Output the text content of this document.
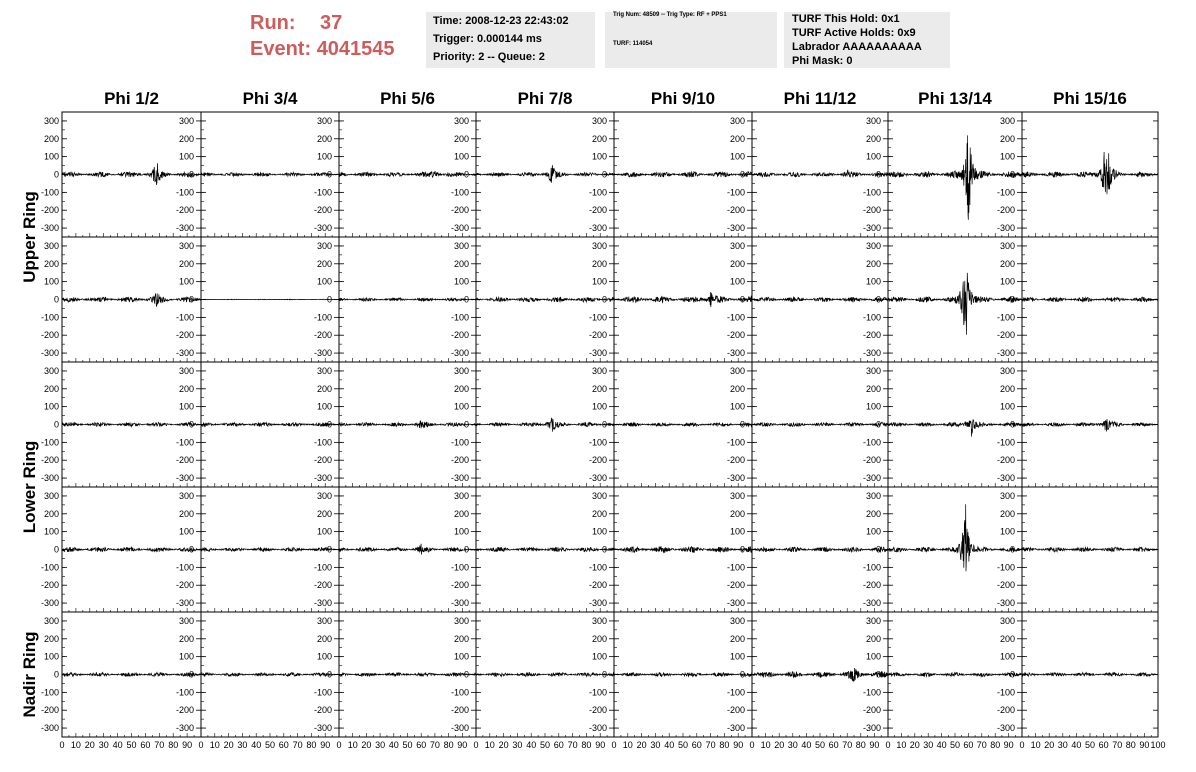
Run: 37
Event: 4041545
Time: 2008-12-23 22:43:02
Trigger: 0.000144 ms
Priority: 2 -- Queue: 2
Trig Num: 48509 -- Trig Type: RF + PPS1
TURF: 114054
TURF This Hold: 0x1
TURF Active Holds: 0x9
Labrador AAAAAAAAAA
Phi Mask: 0
Phi 1/2	Phi 3/4	Phi 5/6	Phi 7/8	Phi 9/10	Phi 11/12	Phi 13/14	Phi 15/16
Upper Ring
Lower Ring
Nadir Ring
300	300
200	200
100	100
0	0
-100	-100
-200	-200
-300	-300
300
200
100
0
-100
-200
-300
300
200
100
0
-100
-200
-300
300
200
100
0
-100
-200
-300
300
200
100
0
-100
-200
-300
300
200
100
0
-100
-200
-300
300
200
100
0
-100
-200
-300
300	300
200	200
100	100
0	0
-100	-100
-200	-200
-300	-300
300
200
100
0
-100
-200
-300
300
200
100
0
-100
-200
-300
300
200
100
0
-100
-200
-300
300
200
100
0
-100
-200
-300
300
200
100
0
-100
-200
-300
300
200
100
0
-100
-200
-300
300	300
200	200
100	100
0	0
-100	-100
-200	-200
-300	-300
300
200
100
0
-100
-200
-300
300
200
100
0
-100
-200
-300
300
200
100
0
-100
-200
-300
300
200
100
0
-100
-200
-300
300
200
100
0
-100
-200
-300
300
200
100
0
-100
-200
-300
300	300
200	200
100	100
0	0
-100	-100
-200	-200
-300	-300
300
200
100
0
-100
-200
-300
300
200
100
0
-100
-200
-300
300
200
100
0
-100
-200
-300
300
200
100
0
-100
-200
-300
300
200
100
0
-100
-200
-300
300
200
100
0
-100
-200
-300
300	300
200	200
100	100
0	0
-100	-100
-200	-200
-300	-300
300
200
100
0
-100
-200
-300
300
200
100
0
-100
-200
-300
300
200
100
0
-100
-200
-300
300
200
100
0
-100
-200
-300
300
200
100
0
-100
-200
-300
300
200
100
0
-100
-200
-300
0 10 20 30 40 50 60 70 80 90 0 10 20 30 40 50 60 70 80 90 0 10 20 30 40 50 60 70 80 90 0 10 20 30 40 50 60 70 80 90 0 10 20 30 40 50 60 70 80 90 0 10 20 30 40 50 60 70 80 90 0 10 20 30 40 50 60 70 80 90 0 10 20 30 40 50 60 70 80 90 100
